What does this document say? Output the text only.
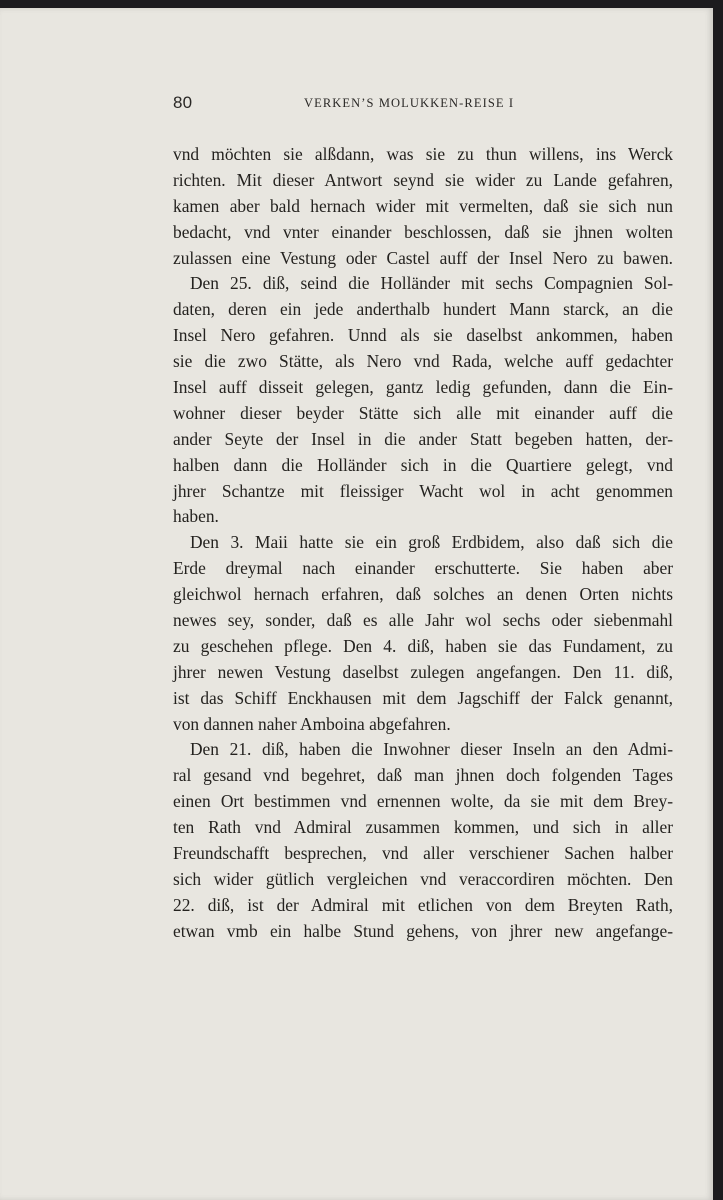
80	VERKEN’S MOLUKKEN-REISE I
vnd möchten sie alßdann, was sie zu thun willens, ins Werck
richten. Mit dieser Antwort seynd sie wider zu Lande gefahren,
kamen aber bald hernach wider mit vermelten, daß sie sich nun
bedacht, vnd vnter einander beschlossen, daß sie jhnen wolten
zulassen eine Vestung oder Castel auff der Insel Nero zu bawen.
Den 25. diß, seind die Holländer mit sechs Compagnien Sol-
daten, deren ein jede anderthalb hundert Mann starck, an die
Insel Nero gefahren. Unnd als sie daselbst ankommen, haben
sie die zwo Stätte, als Nero vnd Rada, welche auff gedachter
Insel auff disseit gelegen, gantz ledig gefunden, dann die Ein-
wohner dieser beyder Stätte sich alle mit einander auff die
ander Seyte der Insel in die ander Statt begeben hatten, der-
halben dann die Holländer sich in die Quartiere gelegt, vnd
jhrer Schantze mit fleissiger Wacht wol in acht genommen
haben.
Den 3. Maii hatte sie ein groß Erdbidem, also daß sich die
Erde dreymal nach einander erschutterte. Sie haben aber
gleichwol hernach erfahren, daß solches an denen Orten nichts
newes sey, sonder, daß es alle Jahr wol sechs oder siebenmahl
zu geschehen pflege. Den 4. diß, haben sie das Fundament, zu
jhrer newen Vestung daselbst zulegen angefangen. Den 11. diß,
ist das Schiff Enckhausen mit dem Jagschiff der Falck genannt,
von dannen naher Amboina abgefahren.
Den 21. diß, haben die Inwohner dieser Inseln an den Admi-
ral gesand vnd begehret, daß man jhnen doch folgenden Tages
einen Ort bestimmen vnd ernennen wolte, da sie mit dem Brey-
ten Rath vnd Admiral zusammen kommen, und sich in aller
Freundschafft besprechen, vnd aller verschiener Sachen halber
sich wider gütlich vergleichen vnd veraccordiren möchten. Den
22. diß, ist der Admiral mit etlichen von dem Breyten Rath,
etwan vmb ein halbe Stund gehens, von jhrer new angefange-
